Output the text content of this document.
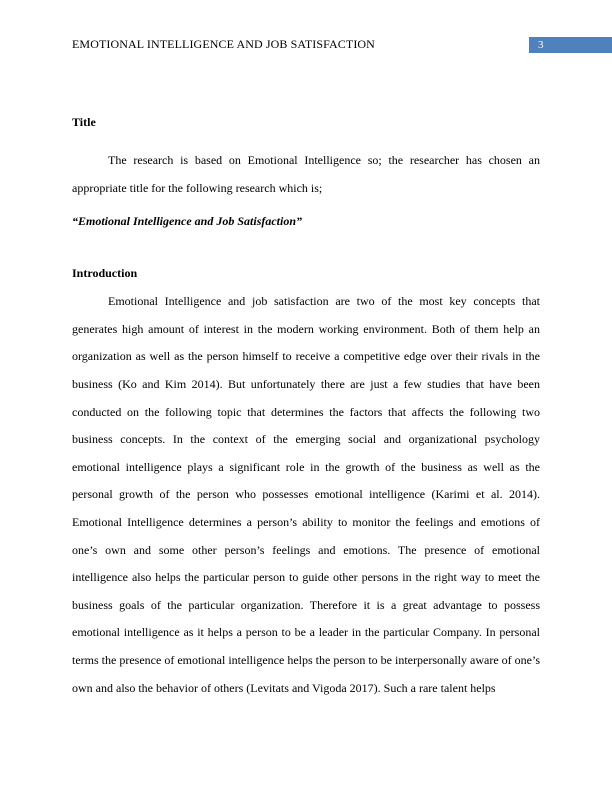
EMOTIONAL INTELLIGENCE AND JOB SATISFACTION	3
Title

The research is based on Emotional Intelligence so; the researcher has chosen an appropriate title for the following research which is;

“Emotional Intelligence and Job Satisfaction”
Introduction

Emotional Intelligence and job satisfaction are two of the most key concepts that generates high amount of interest in the modern working environment. Both of them help an organization as well as the person himself to receive a competitive edge over their rivals in the business (Ko and Kim 2014). But unfortunately there are just a few studies that have been conducted on the following topic that determines the factors that affects the following two business concepts. In the context of the emerging social and organizational psychology emotional intelligence plays a significant role in the growth of the business as well as the personal growth of the person who possesses emotional intelligence (Karimi et al. 2014). Emotional Intelligence determines a person’s ability to monitor the feelings and emotions of one’s own and some other person’s feelings and emotions. The presence of emotional intelligence also helps the particular person to guide other persons in the right way to meet the business goals of the particular organization. Therefore it is a great advantage to possess emotional intelligence as it helps a person to be a leader in the particular Company. In personal terms the presence of emotional intelligence helps the person to be interpersonally aware of one’s own and also the behavior of others (Levitats and Vigoda 2017). Such a rare talent helps
